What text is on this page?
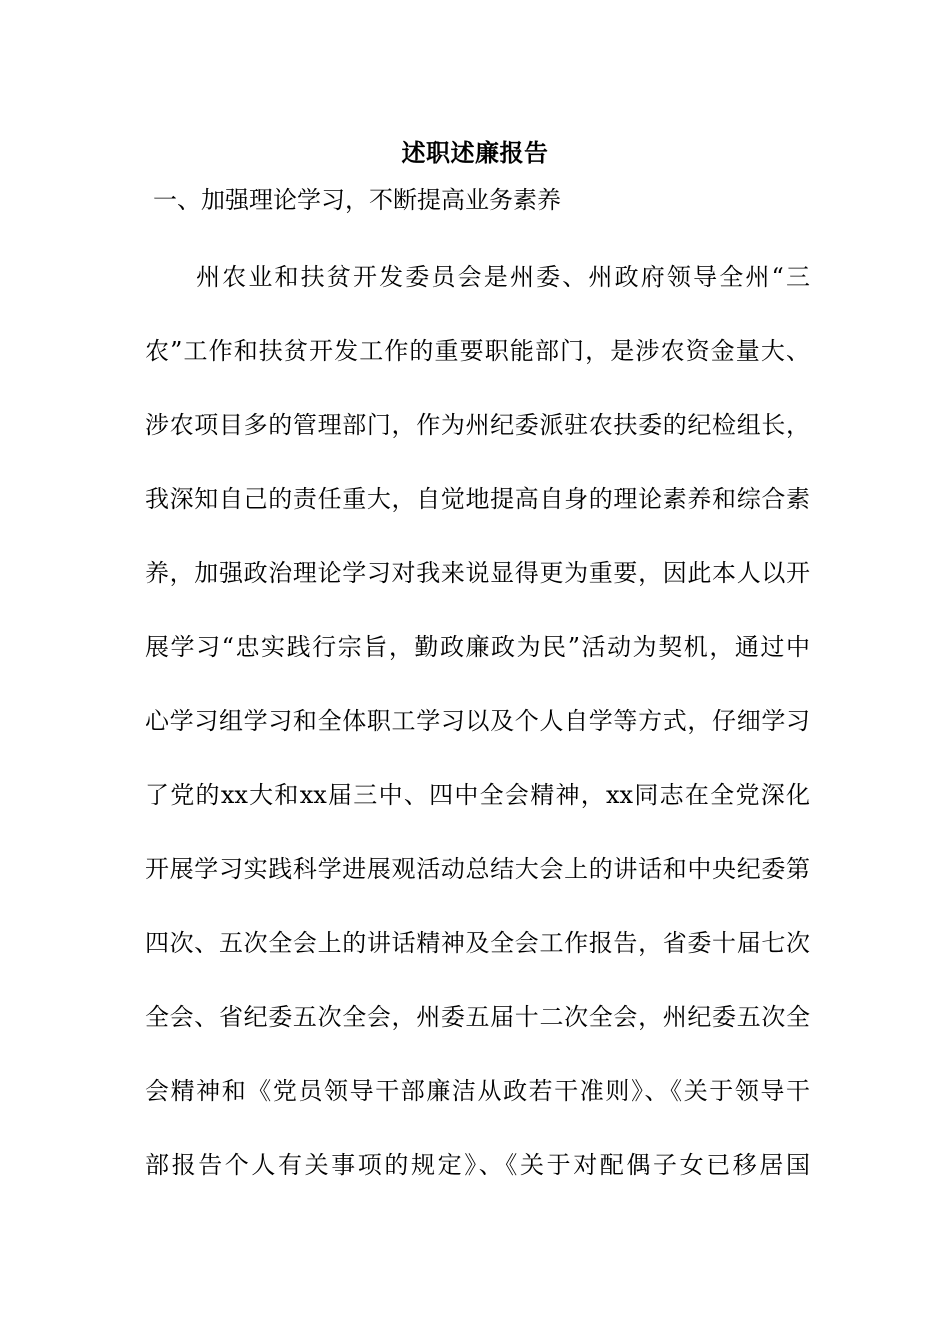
述职述廉报告
一、加强理论学习，不断提高业务素养
州农业和扶贫开发委员会是州委、州政府领导全州“三
农”工作和扶贫开发工作的重要职能部门，是涉农资金量大、
涉农项目多的管理部门，作为州纪委派驻农扶委的纪检组长，
我深知自己的责任重大，自觉地提高自身的理论素养和综合素
养，加强政治理论学习对我来说显得更为重要，因此本人以开
展学习“忠实践行宗旨，勤政廉政为民”活动为契机，通过中
心学习组学习和全体职工学习以及个人自学等方式，仔细学习
了党的xx大和xx届三中、四中全会精神，xx同志在全党深化
开展学习实践科学进展观活动总结大会上的讲话和中央纪委第
四次、五次全会上的讲话精神及全会工作报告，省委十届七次
全会、省纪委五次全会，州委五届十二次全会，州纪委五次全
会精神和《党员领导干部廉洁从政若干准则》、《关于领导干
部报告个人有关事项的规定》、《关于对配偶子女已移居国
